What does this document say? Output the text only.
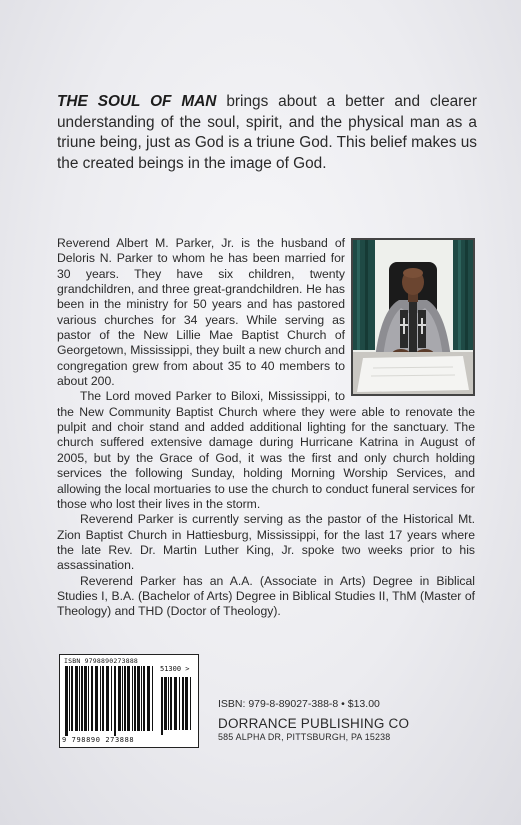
THE SOUL OF MAN brings about a better and clearer understanding of the soul, spirit, and the physical man as a triune being, just as God is a triune God. This belief makes us the created beings in the image of God.

Reverend Albert M. Parker, Jr. is the husband of Deloris N. Parker to whom he has been married for 30 years. They have six children, twenty grandchildren, and three great-grandchildren. He has been in the ministry for 50 years and has pastored various churches for 34 years. While serving as pastor of the New Lillie Mae Baptist Church of Georgetown, Mississippi, they built a new church and congregation grew from about 35 to 40 members to about 200.

The Lord moved Parker to Biloxi, Mississippi, to the New Community Baptist Church where they were able to renovate the pulpit and choir stand and added additional lighting for the sanctuary. The church suffered extensive damage during Hurricane Katrina in August of 2005, but by the Grace of God, it was the first and only church holding services the following Sunday, holding Morning Worship Services, and allowing the local mortuaries to use the church to conduct funeral services for those who lost their lives in the storm.

Reverend Parker is currently serving as the pastor of the Historical Mt. Zion Baptist Church in Hattiesburg, Mississippi, for the last 17 years where the late Rev. Dr. Martin Luther King, Jr. spoke two weeks prior to his assassination.

Reverend Parker has an A.A. (Associate in Arts) Degree in Biblical Studies I, B.A. (Bachelor of Arts) Degree in Biblical Studies II, ThM (Master of Theology) and THD (Doctor of Theology).

ISBN 9798890273888
51300 >
9 798890 273888
ISBN: 979-8-89027-388-8 • $13.00
DORRANCE PUBLISHING CO
585 ALPHA DR, PITTSBURGH, PA 15238
